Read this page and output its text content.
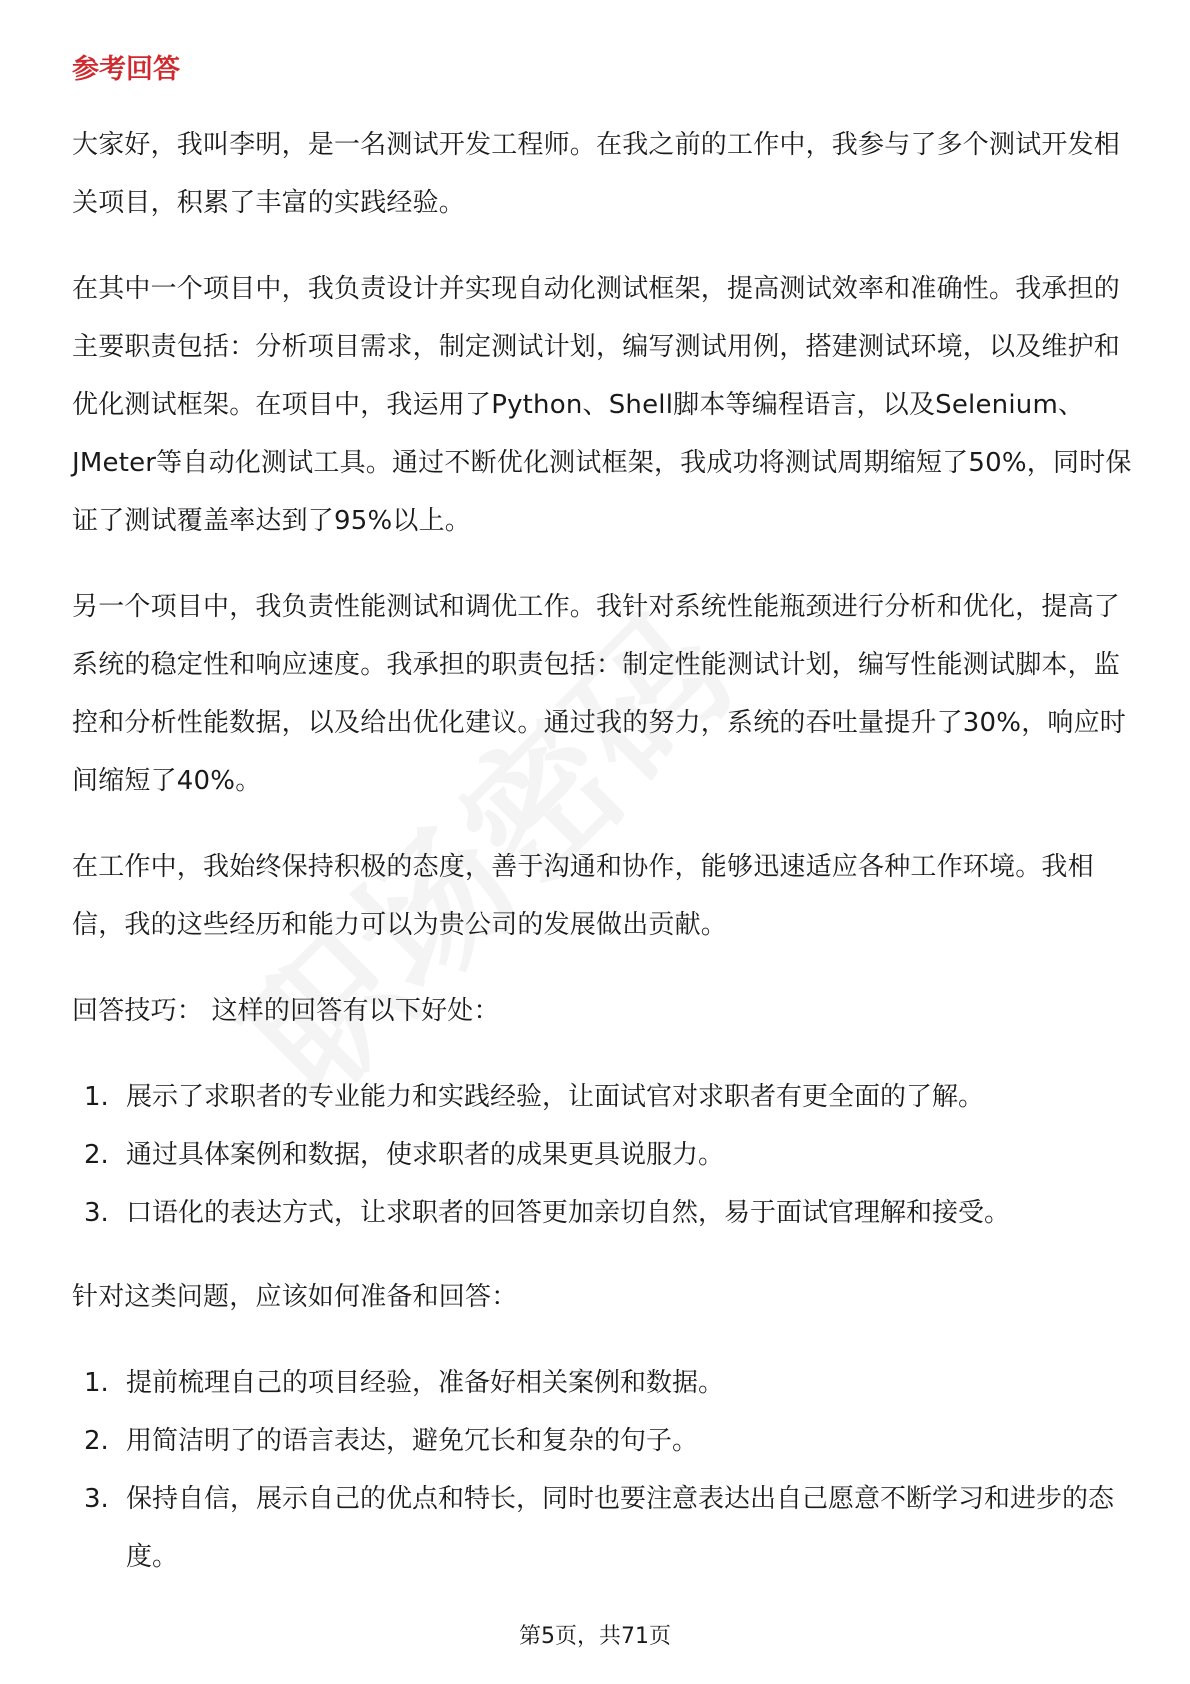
参考回答

大家好，我叫李明，是一名测试开发工程师。在我之前的工作中，我参与了多个测试开发相关项目，积累了丰富的实践经验。

在其中一个项目中，我负责设计并实现自动化测试框架，提高测试效率和准确性。我承担的主要职责包括：分析项目需求，制定测试计划，编写测试用例，搭建测试环境，以及维护和优化测试框架。在项目中，我运用了Python、Shell脚本等编程语言，以及Selenium、JMeter等自动化测试工具。通过不断优化测试框架，我成功将测试周期缩短了50%，同时保证了测试覆盖率达到了95%以上。

另一个项目中，我负责性能测试和调优工作。我针对系统性能瓶颈进行分析和优化，提高了系统的稳定性和响应速度。我承担的职责包括：制定性能测试计划，编写性能测试脚本，监控和分析性能数据，以及给出优化建议。通过我的努力，系统的吞吐量提升了30%，响应时间缩短了40%。

在工作中，我始终保持积极的态度，善于沟通和协作，能够迅速适应各种工作环境。我相信，我的这些经历和能力可以为贵公司的发展做出贡献。

回答技巧： 这样的回答有以下好处：

1. 展示了求职者的专业能力和实践经验，让面试官对求职者有更全面的了解。
2. 通过具体案例和数据，使求职者的成果更具说服力。
3. 口语化的表达方式，让求职者的回答更加亲切自然，易于面试官理解和接受。

针对这类问题，应该如何准备和回答：

1. 提前梳理自己的项目经验，准备好相关案例和数据。
2. 用简洁明了的语言表达，避免冗长和复杂的句子。
3. 保持自信，展示自己的优点和特长，同时也要注意表达出自己愿意不断学习和进步的态度。
第5页，共71页
